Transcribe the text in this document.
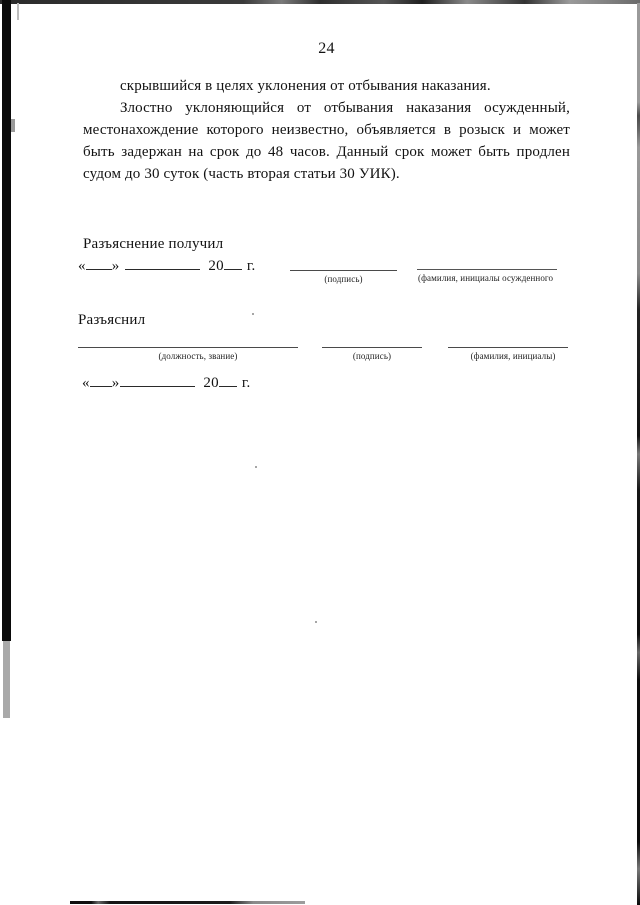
24
скрывшийся в целях уклонения от отбывания наказания.
Злостно уклоняющийся от отбывания наказания осужденный,
местонахождение которого неизвестно, объявляется в розыск и может
быть задержан на срок до 48 часов. Данный срок может быть продлен
судом до 30 суток (часть вторая статьи 30 УИК).
Разъяснение получил
« »	20 г.
(подпись)	(фамилия, инициалы осужденного
Разъяснил
(должность, звание)	(подпись)	(фамилия, инициалы)
« »	20 г.
